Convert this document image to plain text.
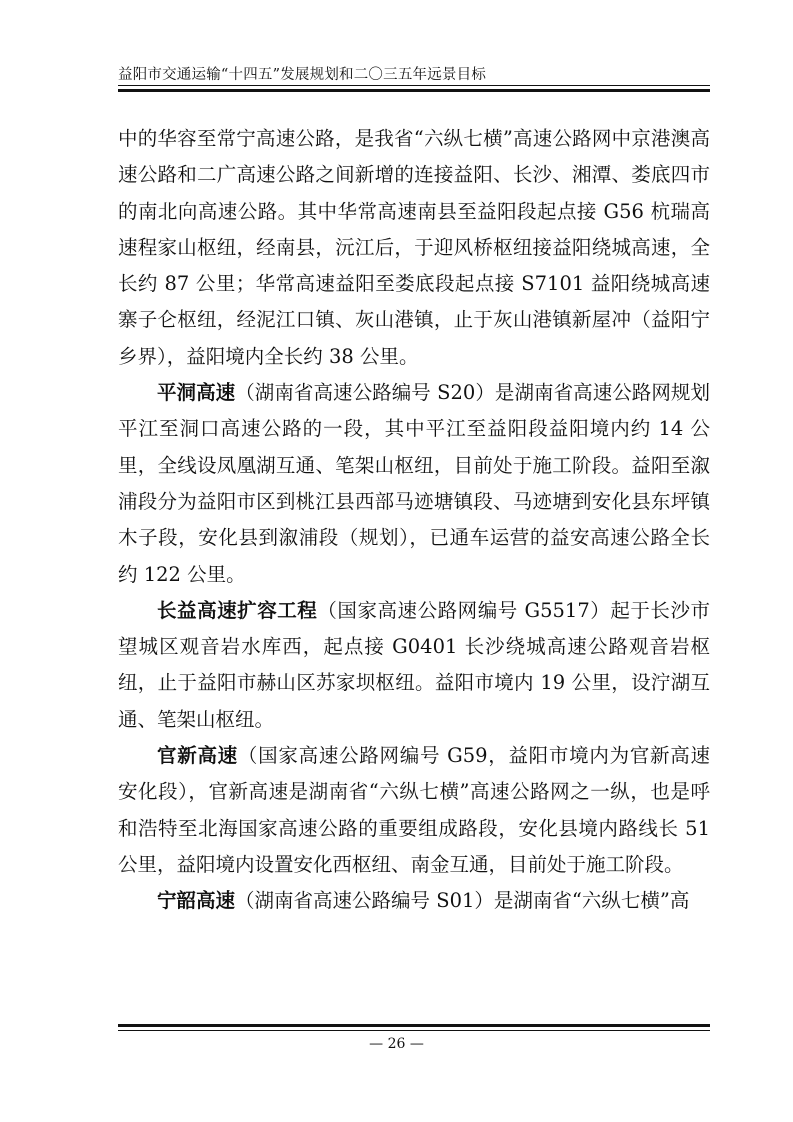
益阳市交通运输“十四五”发展规划和二〇三五年远景目标

中的华容至常宁高速公路，是我省“六纵七横”高速公路网中京港澳高速公路和二广高速公路之间新增的连接益阳、长沙、湘潭、娄底四市的南北向高速公路。其中华常高速南县至益阳段起点接 G56 杭瑞高速程家山枢纽，经南县，沅江后，于迎风桥枢纽接益阳绕城高速，全长约 87 公里；华常高速益阳至娄底段起点接 S7101 益阳绕城高速寨子仑枢纽，经泥江口镇、灰山港镇，止于灰山港镇新屋冲（益阳宁乡界），益阳境内全长约 38 公里。

平洞高速（湖南省高速公路编号 S20）是湖南省高速公路网规划平江至洞口高速公路的一段，其中平江至益阳段益阳境内约 14 公里，全线设凤凰湖互通、笔架山枢纽，目前处于施工阶段。益阳至溆浦段分为益阳市区到桃江县西部马迹塘镇段、马迹塘到安化县东坪镇木子段，安化县到溆浦段（规划），已通车运营的益安高速公路全长约 122 公里。

长益高速扩容工程（国家高速公路网编号 G5517）起于长沙市望城区观音岩水库西，起点接 G0401 长沙绕城高速公路观音岩枢纽，止于益阳市赫山区苏家坝枢纽。益阳市境内 19 公里，设泞湖互通、笔架山枢纽。

官新高速（国家高速公路网编号 G59，益阳市境内为官新高速安化段），官新高速是湖南省“六纵七横”高速公路网之一纵，也是呼和浩特至北海国家高速公路的重要组成路段，安化县境内路线长 51 公里，益阳境内设置安化西枢纽、南金互通，目前处于施工阶段。

宁韶高速（湖南省高速公路编号 S01）是湖南省“六纵七横”高

— 26 —
